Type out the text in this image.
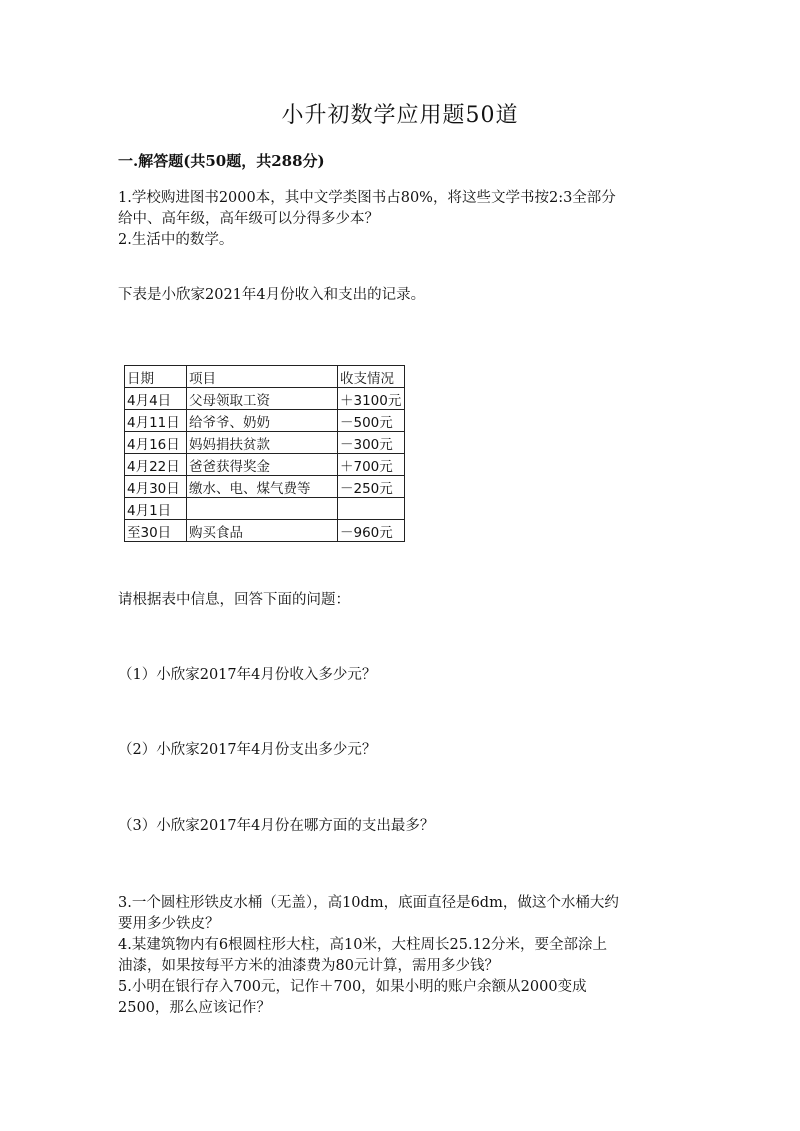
小升初数学应用题50道
一.解答题(共50题，共288分)
1.学校购进图书2000本，其中文学类图书占80%，将这些文学书按2:3全部分
给中、高年级，高年级可以分得多少本？
2.生活中的数学。
下表是小欣家2021年4月份收入和支出的记录。
日期	项目	收支情况
4月4日	父母领取工资	＋3100元
4月11日	给爷爷、奶奶	－500元
4月16日	妈妈捐扶贫款	－300元
4月22日	爸爸获得奖金	＋700元
4月30日	缴水、电、煤气费等	－250元
4月1日		
至30日	购买食品	－960元
请根据表中信息，回答下面的问题：
（1）小欣家2017年4月份收入多少元？
（2）小欣家2017年4月份支出多少元？
（3）小欣家2017年4月份在哪方面的支出最多？
3.一个圆柱形铁皮水桶（无盖），高10dm，底面直径是6dm，做这个水桶大约
要用多少铁皮？
4.某建筑物内有6根圆柱形大柱，高10米，大柱周长25.12分米，要全部涂上
油漆，如果按每平方米的油漆费为80元计算，需用多少钱？
5.小明在银行存入700元，记作＋700，如果小明的账户余额从2000变成
2500，那么应该记作？
